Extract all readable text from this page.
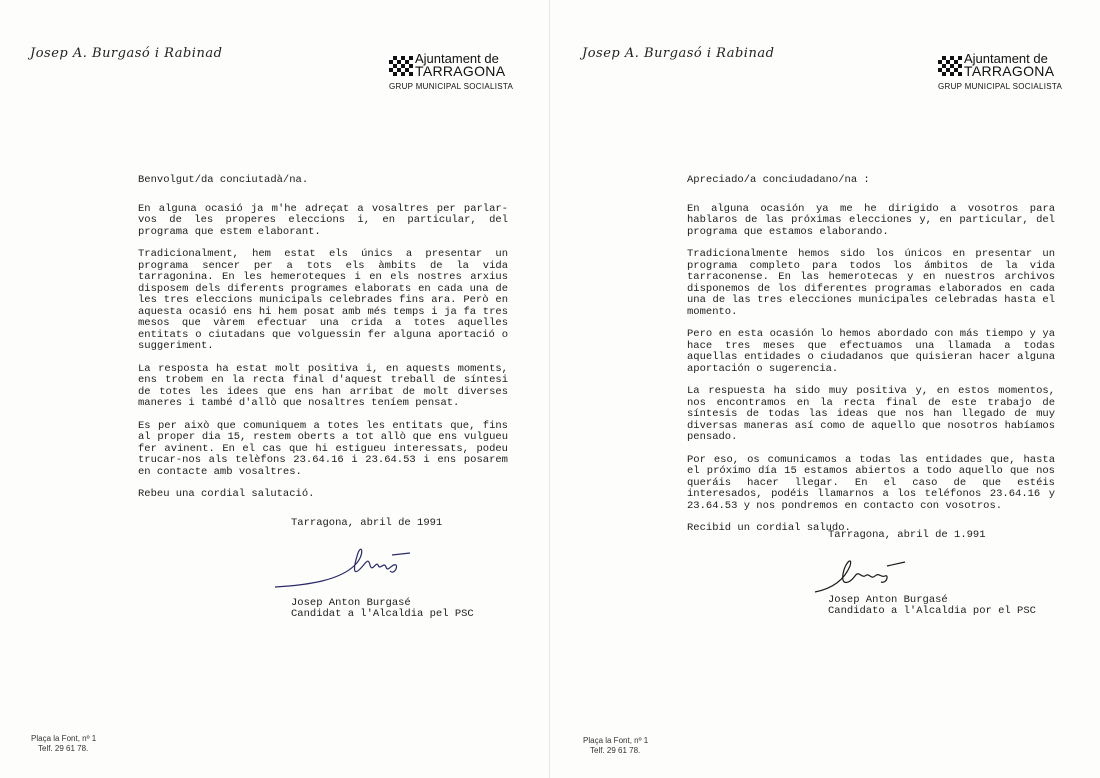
Josep A. Burgasó i Rabinad	Ajuntament de
TARRAGONA
GRUP MUNICIPAL SOCIALISTA

Benvolgut/da conciutadà/na.

En alguna ocasió ja m'he adreçat a vosaltres per parlar-vos de les properes eleccions i, en particular, del programa que estem elaborant.

Tradicionalment, hem estat els únics a presentar un programa sencer per a tots els àmbits de la vida tarragonina. En les hemeroteques i en els nostres arxius disposem dels diferents programes elaborats en cada una de les tres eleccions municipals celebrades fins ara. Però en aquesta ocasió ens hi hem posat amb més temps i ja fa tres mesos que vàrem efectuar una crida a totes aquelles entitats o ciutadans que volguessin fer alguna aportació o suggeriment.

La resposta ha estat molt positiva i, en aquests moments, ens trobem en la recta final d'aquest treball de síntesi de totes les idees que ens han arribat de molt diverses maneres i també d'allò que nosaltres teníem pensat.

Es per això que comuniquem a totes les entitats que, fins al proper dia 15, restem oberts a tot allò que ens vulgueu fer avinent. En el cas que hi estigueu interessats, podeu trucar-nos als telèfons 23.64.16 i 23.64.53 i ens posarem en contacte amb vosaltres.

Rebeu una cordial salutació.

Tarragona, abril de 1991
Josep Anton Burgasé
Candidat a l'Alcaldia pel PSC
Plaça la Font, nº 1
Telf. 29 61 78.
Josep A. Burgasó i Rabinad	Ajuntament de
TARRAGONA
GRUP MUNICIPAL SOCIALISTA

Apreciado/a conciudadano/na :

En alguna ocasión ya me he dirigido a vosotros para hablaros de las próximas elecciones y, en particular, del programa que estamos elaborando.

Tradicionalmente hemos sido los únicos en presentar un programa completo para todos los ámbitos de la vida tarraconense. En las hemerotecas y en nuestros archivos disponemos de los diferentes programas elaborados en cada una de las tres elecciones municipales celebradas hasta el momento.

Pero en esta ocasión lo hemos abordado con más tiempo y ya hace tres meses que efectuamos una llamada a todas aquellas entidades o ciudadanos que quisieran hacer alguna aportación o sugerencia.

La respuesta ha sido muy positiva y, en estos momentos, nos encontramos en la recta final de este trabajo de síntesis de todas las ideas que nos han llegado de muy diversas maneras así como de aquello que nosotros habíamos pensado.

Por eso, os comunicamos a todas las entidades que, hasta el próximo día 15 estamos abiertos a todo aquello que nos queráis hacer llegar. En el caso de que estéis interesados, podéis llamarnos a los teléfonos 23.64.16 y 23.64.53 y nos pondremos en contacto con vosotros.

Recibid un cordial saludo.

Tarragona, abril de 1.991
Josep Anton Burgasé
Candidato a l'Alcaldia por el PSC
Plaça la Font, nº 1
Telf. 29 61 78.
